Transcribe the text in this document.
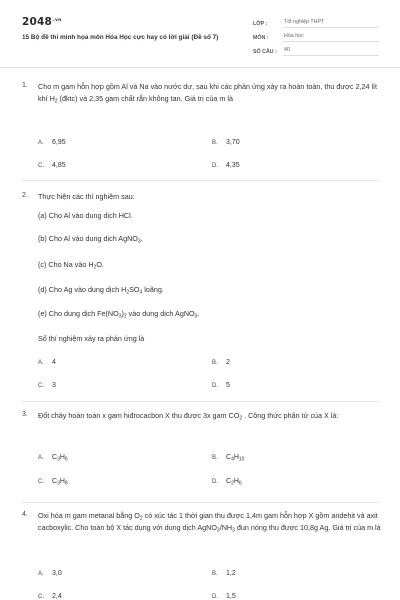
$2048^{.vn}$
15 Bộ đề thi minh họa môn Hóa Học cực hay có lời giải (Đề số 7)
LỚP :	Tốt nghiệp THPT
MÔN :	Hóa học
SỐ CÂU :	40
1. Cho m gam hỗn hợp gồm Al và Na vào nước dư, sau khi các phản ứng xảy ra hoàn toàn, thu được 2,24 lít khí $H_2$ (đktc) và 2,35 gam chất rắn không tan. Giá trị của m là
A. 6,95	B. 3,70
C. 4,85	D. 4,35
2. Thực hiện các thí nghiệm sau:
(a) Cho Al vào dung dịch HCl.
(b) Cho Al vào dung dịch AgNO$_3$.
(c) Cho Na vào $H_2O$.
(d) Cho Ag vào dung dịch $H_2SO_4$ loãng.
(e) Cho dung dịch $Fe(NO_3)_2$ vào dung dịch AgNO$_3$.
Số thí nghiệm xảy ra phản ứng là
A. 4	B. 2
C. 3	D. 5
3. Đốt cháy hoàn toàn x gam hiđrocacbon X thu được 3x gam $CO_2$ . Công thức phân tử của X là:
A. $C_3H_6$	B. $C_4H_{10}$
C. $C_3H_8$	D. $C_2H_6$
4. Oxi hóa m gam metanal bằng $O_2$ có xúc tác 1 thời gian thu được 1,4m gam hỗn hợp X gồm andehit và axit cacboxylic. Cho toàn bộ X tác dụng với dung dịch $AgNO_3/NH_3$ đun nóng thu được 10,8g Ag. Giá trị của m là
A. 3,0	B. 1,2
C. 2,4	D. 1,5
